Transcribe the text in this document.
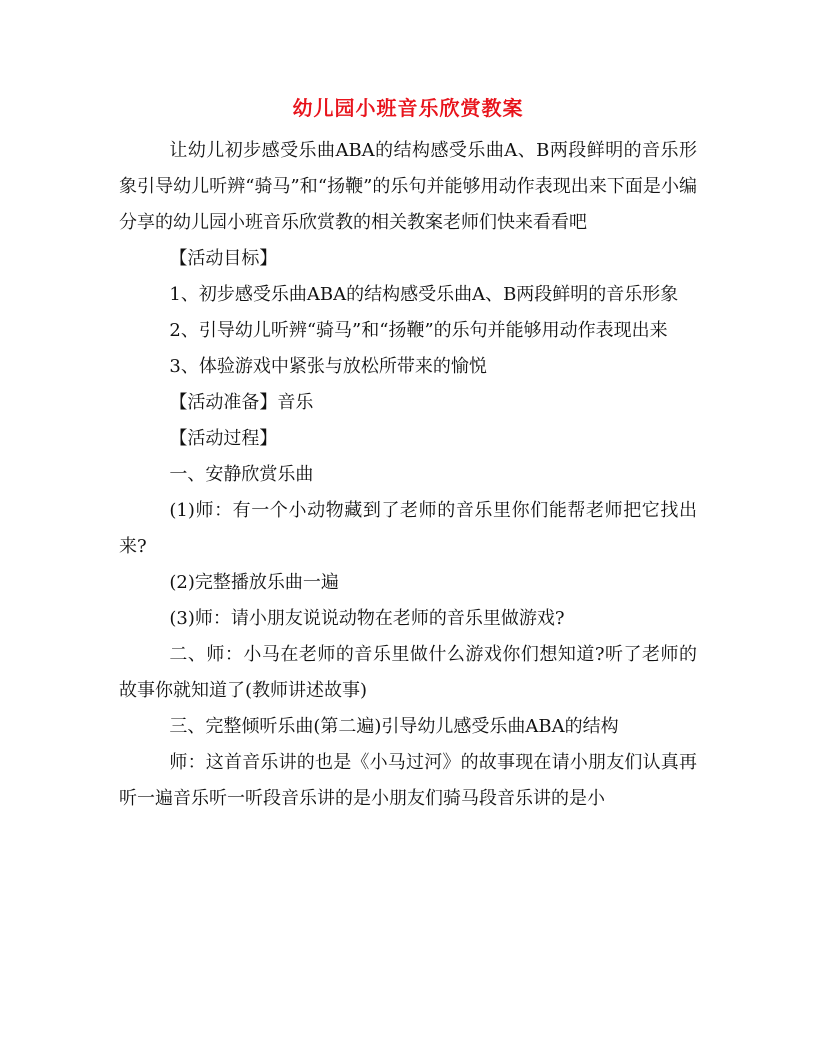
幼儿园小班音乐欣赏教案

让幼儿初步感受乐曲ABA的结构感受乐曲A、B两段鲜明的音乐形象引导幼儿听辨“骑马”和“扬鞭”的乐句并能够用动作表现出来下面是小编分享的幼儿园小班音乐欣赏教的相关教案老师们快来看看吧

【活动目标】

1、初步感受乐曲ABA的结构感受乐曲A、B两段鲜明的音乐形象

2、引导幼儿听辨“骑马”和“扬鞭”的乐句并能够用动作表现出来

3、体验游戏中紧张与放松所带来的愉悦

【活动准备】音乐

【活动过程】

一、安静欣赏乐曲

(1)师：有一个小动物藏到了老师的音乐里你们能帮老师把它找出来?

(2)完整播放乐曲一遍

(3)师：请小朋友说说动物在老师的音乐里做游戏?

二、师：小马在老师的音乐里做什么游戏你们想知道?听了老师的故事你就知道了(教师讲述故事)

三、完整倾听乐曲(第二遍)引导幼儿感受乐曲ABA的结构

师：这首音乐讲的也是《小马过河》的故事现在请小朋友们认真再听一遍音乐听一听段音乐讲的是小朋友们骑马段音乐讲的是小
